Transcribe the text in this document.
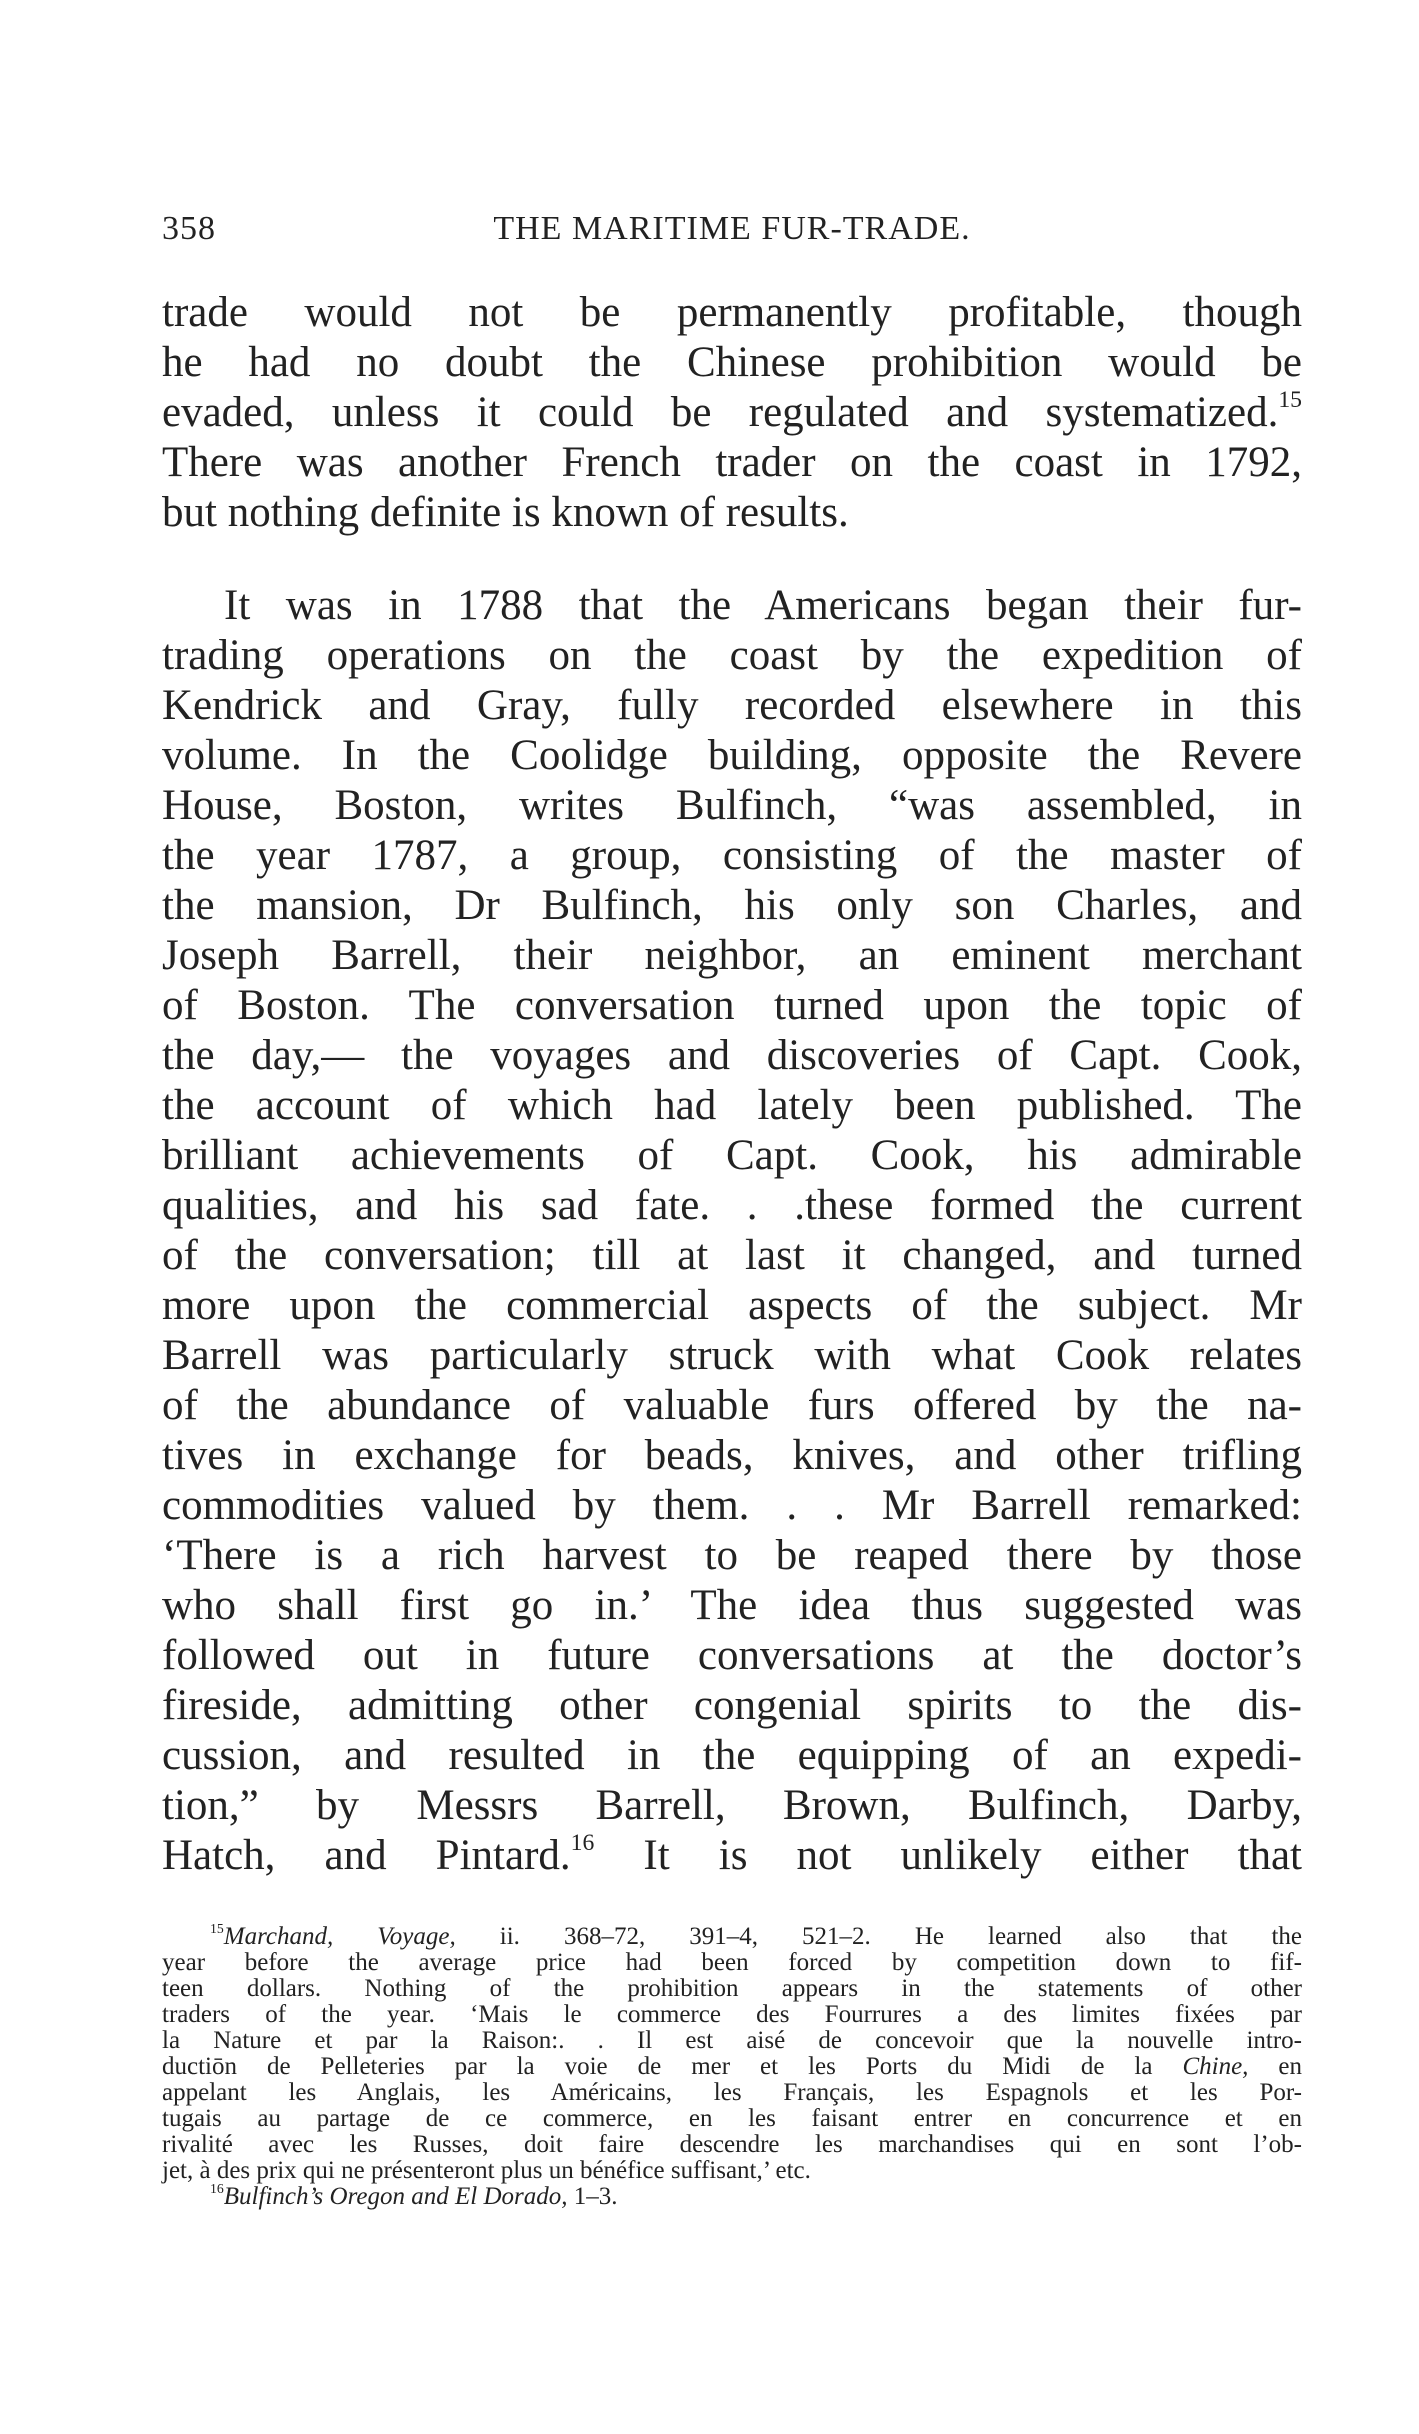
358	THE MARITIME FUR-TRADE.
trade would not be permanently profitable, though
he had no doubt the Chinese prohibition would be
evaded, unless it could be regulated and systematized.$^{15}$
There was another French trader on the coast in 1792,
but nothing definite is known of results.
It was in 1788 that the Americans began their fur-
trading operations on the coast by the expedition of
Kendrick and Gray, fully recorded elsewhere in this
volume. In the Coolidge building, opposite the Revere
House, Boston, writes Bulfinch, “was assembled, in
the year 1787, a group, consisting of the master of
the mansion, Dr Bulfinch, his only son Charles, and
Joseph Barrell, their neighbor, an eminent merchant
of Boston. The conversation turned upon the topic of
the day,— the voyages and discoveries of Capt. Cook,
the account of which had lately been published. The
brilliant achievements of Capt. Cook, his admirable
qualities, and his sad fate. . .these formed the current
of the conversation; till at last it changed, and turned
more upon the commercial aspects of the subject. Mr
Barrell was particularly struck with what Cook relates
of the abundance of valuable furs offered by the na-
tives in exchange for beads, knives, and other trifling
commodities valued by them. . . Mr Barrell remarked:
‘There is a rich harvest to be reaped there by those
who shall first go in.’ The idea thus suggested was
followed out in future conversations at the doctor’s
fireside, admitting other congenial spirits to the dis-
cussion, and resulted in the equipping of an expedi-
tion,” by Messrs Barrell, Brown, Bulfinch, Darby,
Hatch, and Pintard.$^{16}$ It is not unlikely either that
$^{15}$Marchand, Voyage, ii. 368–72, 391–4, 521–2. He learned also that the
year before the average price had been forced by competition down to fif-
teen dollars. Nothing of the prohibition appears in the statements of other
traders of the year. ‘Mais le commerce des Fourrures a des limites fixées par
la Nature et par la Raison:. . Il est aisé de concevoir que la nouvelle intro-
ductiōn de Pelleteries par la voie de mer et les Ports du Midi de la Chine, en
appelant les Anglais, les Américains, les Français, les Espagnols et les Por-
tugais au partage de ce commerce, en les faisant entrer en concurrence et en
rivalité avec les Russes, doit faire descendre les marchandises qui en sont l’ob-
jet, à des prix qui ne présenteront plus un bénéfice suffisant,’ etc.
$^{16}$Bulfinch’s Oregon and El Dorado, 1–3.
